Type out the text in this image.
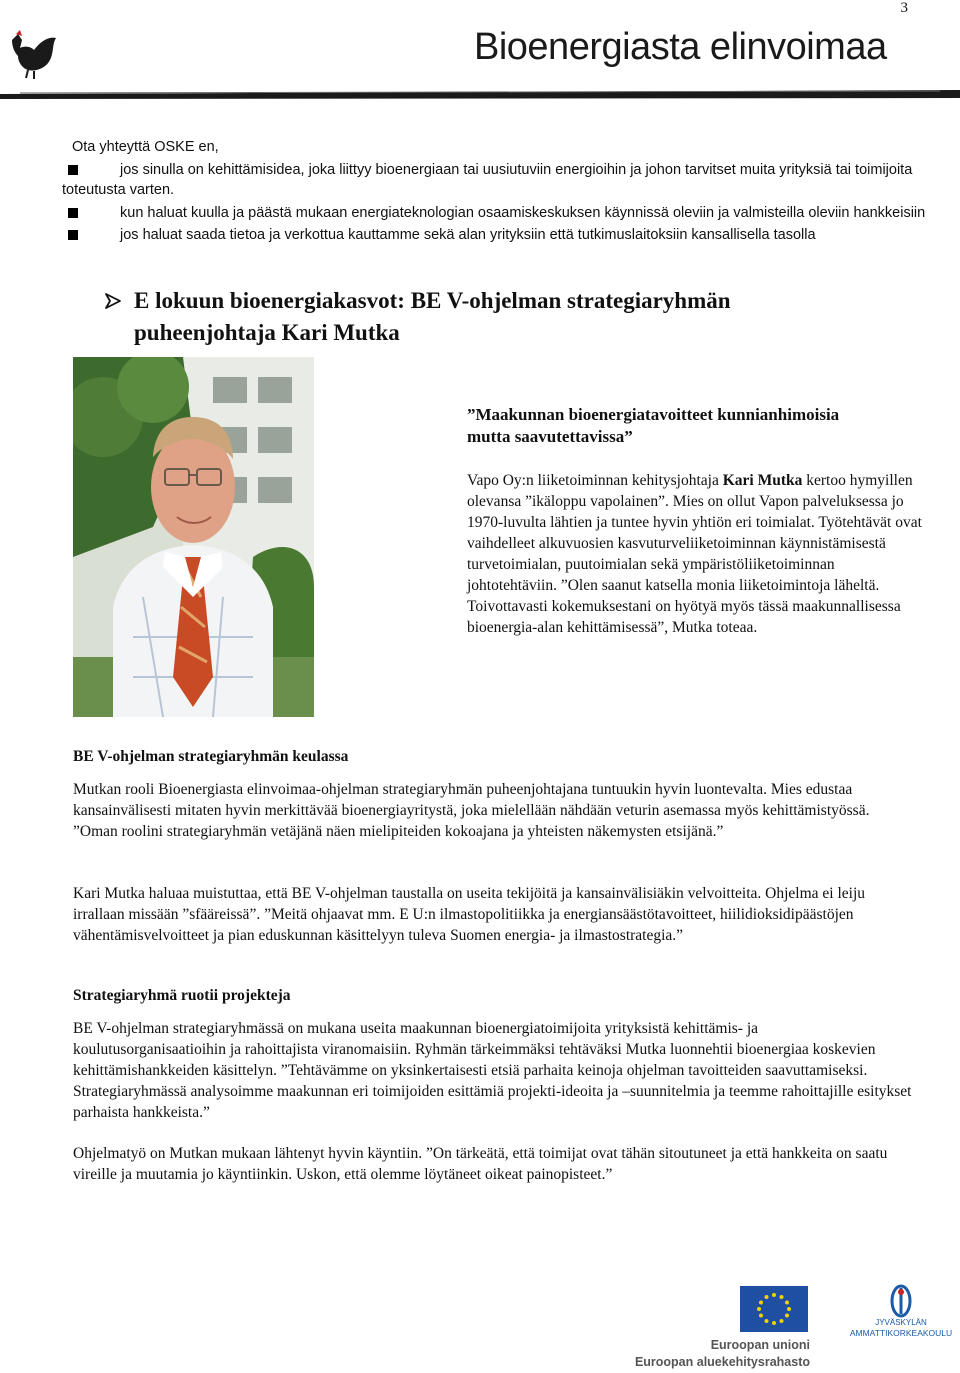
3
Bioenergiasta elinvoimaa
Ota yhteyttä OSKE en,
jos sinulla on kehittämisidea, joka liittyy bioenergiaan tai uusiutuviin energioihin ja johon tarvitset muita yrityksiä tai toimijoita toteutusta varten.
kun haluat kuulla ja päästä mukaan energiateknologian osaamiskeskuksen käynnissä oleviin ja valmisteilla oleviin hankkeisiin
jos haluat saada tietoa ja verkottua kauttamme sekä alan yrityksiin että tutkimuslaitoksiin kansallisella tasolla
E lokuun bioenergiakasvot: BE V-ohjelman strategiaryhmän
puheenjohtaja Kari Mutka
”Maakunnan bioenergiatavoitteet kunnianhimoisia
mutta saavutettavissa”
Vapo Oy:n liiketoiminnan kehitysjohtaja Kari Mutka kertoo hymyillen olevansa ”ikäloppu vapolainen”. Mies on ollut Vapon palveluksessa jo 1970-luvulta lähtien ja tuntee hyvin yhtiön eri toimialat. Työtehtävät ovat vaihdelleet alkuvuosien kasvuturveliiketoiminnan käynnistämisestä turvetoimialan, puutoimialan sekä ympäristöliiketoiminnan johtotehtäviin. ”Olen saanut katsella monia liiketoimintoja läheltä. Toivottavasti kokemuksestani on hyötyä myös tässä maakunnallisessa bioenergia-alan kehittämisessä”, Mutka toteaa.
BE V-ohjelman strategiaryhmän keulassa
Mutkan rooli Bioenergiasta elinvoimaa-ohjelman strategiaryhmän puheenjohtajana tuntuukin hyvin luontevalta. Mies edustaa kansainvälisesti mitaten hyvin merkittävää bioenergiayritystä, joka mielellään nähdään veturin asemassa myös kehittämistyössä. ”Oman roolini strategiaryhmän vetäjänä näen mielipiteiden kokoajana ja yhteisten näkemysten etsijänä.”
Kari Mutka haluaa muistuttaa, että BE V-ohjelman taustalla on useita tekijöitä ja kansainvälisiäkin velvoitteita. Ohjelma ei leiju irrallaan missään ”sfääreissä”. ”Meitä ohjaavat mm. E U:n ilmastopolitiikka ja energiansäästötavoitteet, hiilidioksidipäästöjen vähentämisvelvoitteet ja pian eduskunnan käsittelyyn tuleva Suomen energia- ja ilmastostrategia.”
Strategiaryhmä ruotii projekteja
BE V-ohjelman strategiaryhmässä on mukana useita maakunnan bioenergiatoimijoita yrityksistä kehittämis- ja koulutusorganisaatioihin ja rahoittajista viranomaisiin. Ryhmän tärkeimmäksi tehtäväksi Mutka luonnehtii bioenergiaa koskevien kehittämishankkeiden käsittelyn. ”Tehtävämme on yksinkertaisesti etsiä parhaita keinoja ohjelman tavoitteiden saavuttamiseksi. Strategiaryhmässä analysoimme maakunnan eri toimijoiden esittämiä projekti-ideoita ja –suunnitelmia ja teemme rahoittajille esitykset parhaista hankkeista.”
Ohjelmatyö on Mutkan mukaan lähtenyt hyvin käyntiin. ”On tärkeätä, että toimijat ovat tähän sitoutuneet ja että hankkeita on saatu vireille ja muutamia jo käyntiinkin. Uskon, että olemme löytäneet oikeat painopisteet.”
Euroopan unioni
Euroopan aluekehitysrahasto
JYVÄSKYLÄN
AMMATTIKORKEAKOULU
